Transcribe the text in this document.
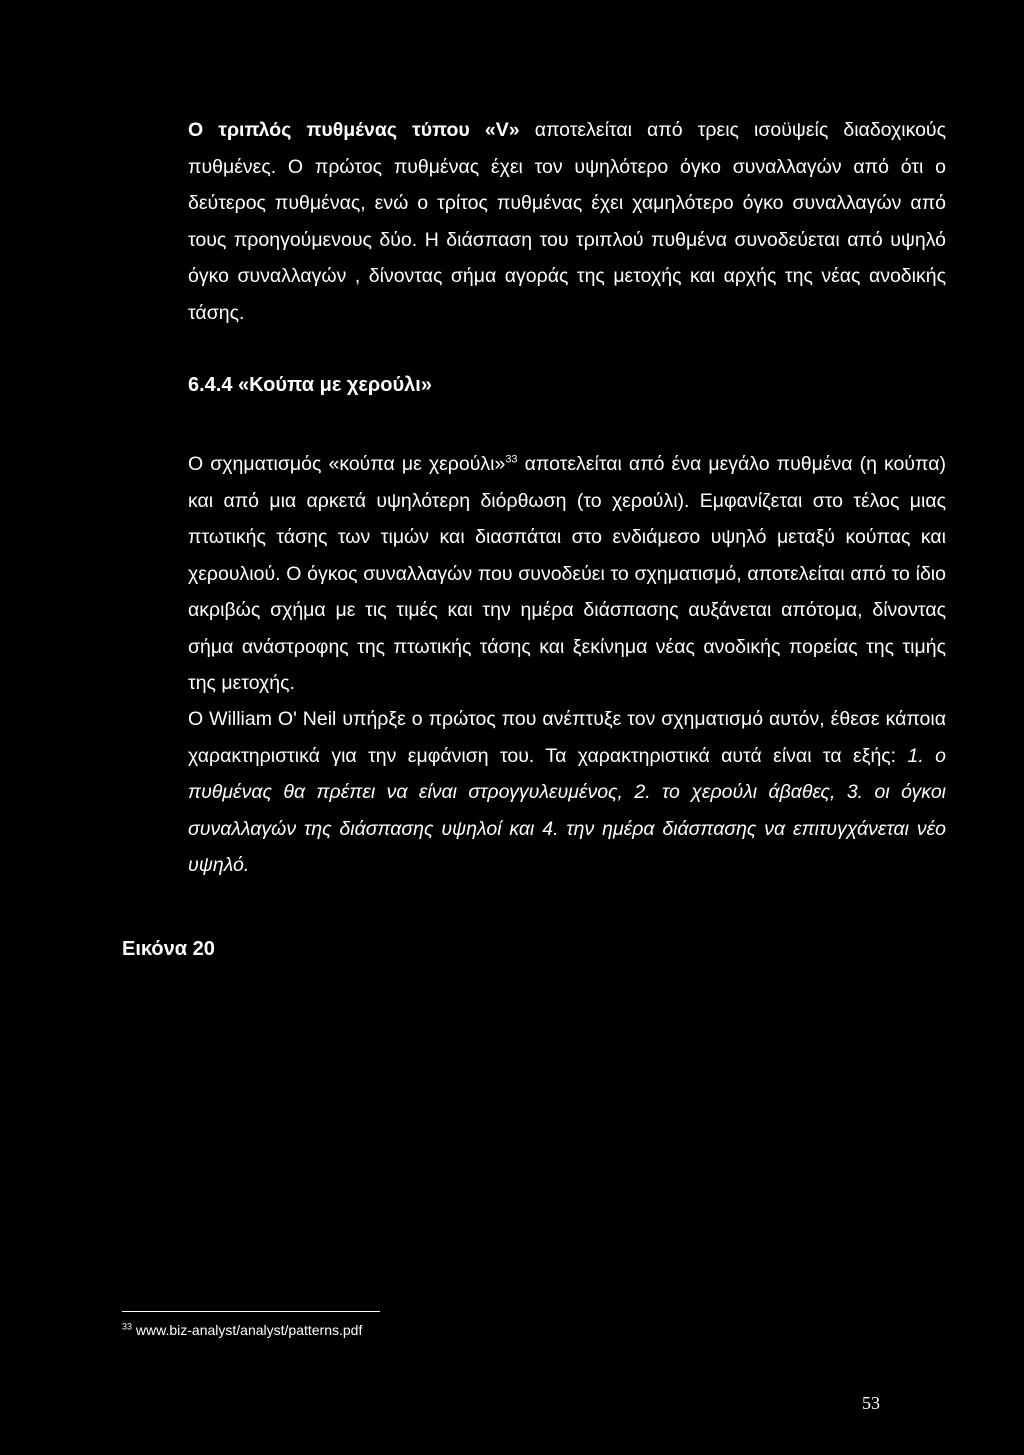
Ο τριπλός πυθμένας τύπου «V» αποτελείται από τρεις ισοϋψείς διαδοχικούς πυθμένες. Ο πρώτος πυθμένας έχει τον υψηλότερο όγκο συναλλαγών από ότι ο δεύτερος πυθμένας, ενώ ο τρίτος πυθμένας έχει χαμηλότερο όγκο συναλλαγών από τους προηγούμενους δύο. Η διάσπαση του τριπλού πυθμένα συνοδεύεται από υψηλό όγκο συναλλαγών , δίνοντας σήμα αγοράς της μετοχής και αρχής της νέας ανοδικής τάσης.

6.4.4 «Κούπα με χερούλι»

Ο σχηματισμός «κούπα με χερούλι»$^{33}$ αποτελείται από ένα μεγάλο πυθμένα (η κούπα) και από μια αρκετά υψηλότερη διόρθωση (το χερούλι). Εμφανίζεται στο τέλος μιας πτωτικής τάσης των τιμών και διασπάται στο ενδιάμεσο υψηλό μεταξύ κούπας και χερουλιού. Ο όγκος συναλλαγών που συνοδεύει το σχηματισμό, αποτελείται από το ίδιο ακριβώς σχήμα με τις τιμές και την ημέρα διάσπασης αυξάνεται απότομα, δίνοντας σήμα ανάστροφης της πτωτικής τάσης και ξεκίνημα νέας ανοδικής πορείας της τιμής της μετοχής.

Ο William O' Neil υπήρξε ο πρώτος που ανέπτυξε τον σχηματισμό αυτόν, έθεσε κάποια χαρακτηριστικά για την εμφάνιση του. Τα χαρακτηριστικά αυτά είναι τα εξής: 1. ο πυθμένας θα πρέπει να είναι στρογγυλευμένος, 2. το χερούλι άβαθες, 3. οι όγκοι συναλλαγών της διάσπασης υψηλοί και 4. την ημέρα διάσπασης να επιτυγχάνεται νέο υψηλό.

Εικόνα 20
$^{33}$ www.biz-analyst/analyst/patterns.pdf
53
